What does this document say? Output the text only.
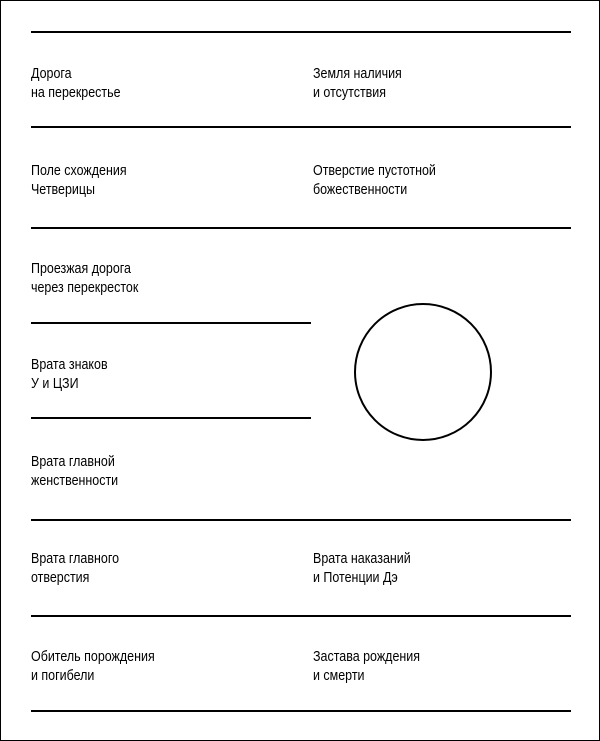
Дорога
на перекрестье
Земля наличия
и отсутствия
Поле схождения
Четверицы
Отверстие пустотной
божественности
Проезжая дорога
через перекресток
Врата знаков
У и ЦЗИ
Врата главной
женственности
Врата главного
отверстия
Врата наказаний
и Потенции Дэ
Обитель порождения
и погибели
Застава рождения
и смерти
